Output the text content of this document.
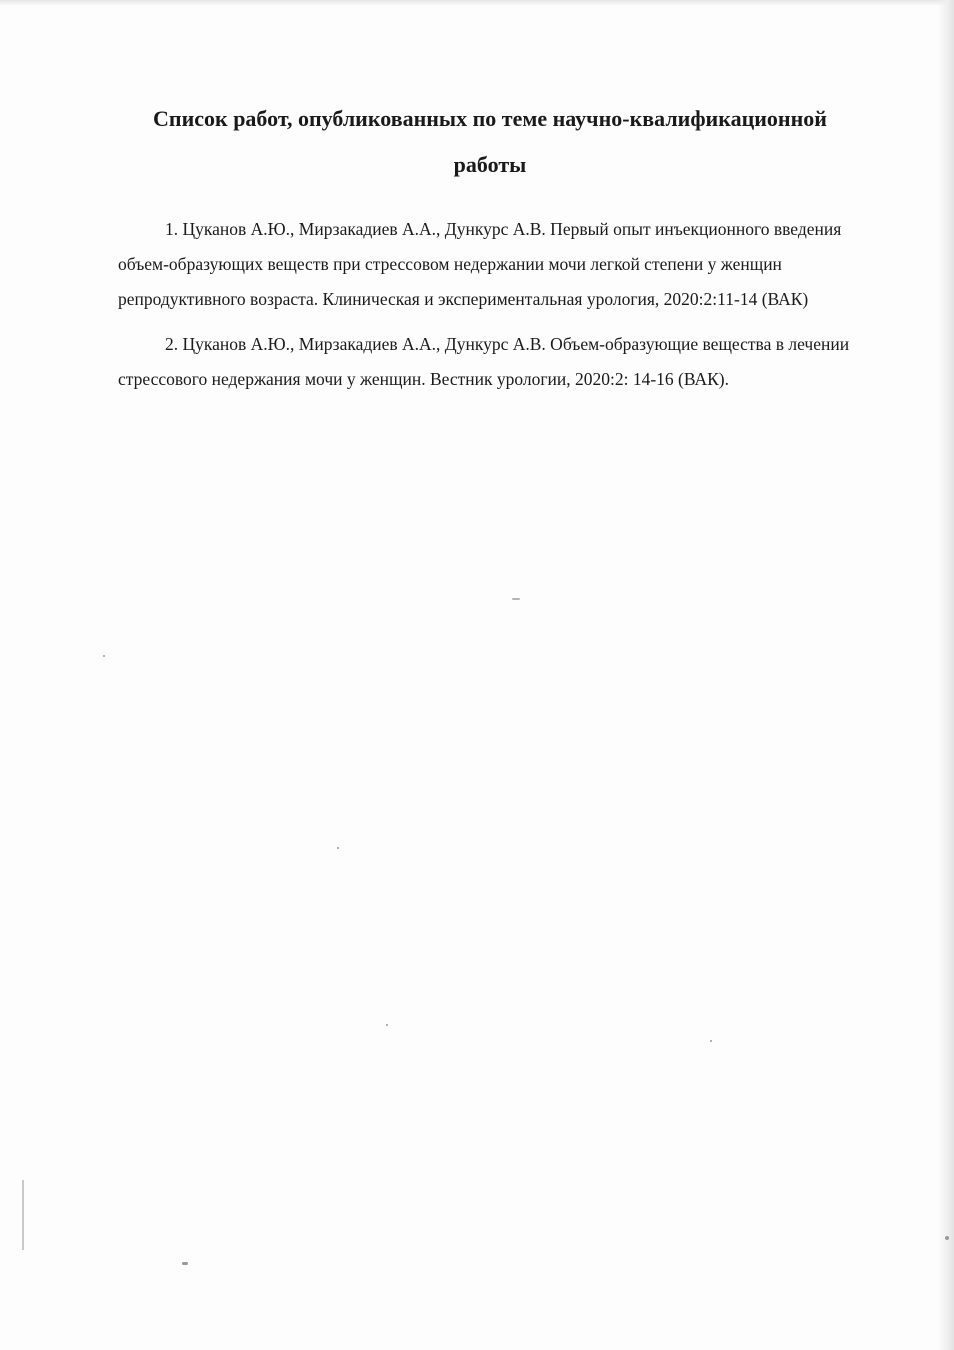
Список работ, опубликованных по теме научно-квалификационной
работы
1. Цуканов А.Ю., Мирзакадиев А.А., Дункурс А.В. Первый опыт инъекционного введения объем-образующих веществ при стрессовом недержании мочи легкой степени у женщин репродуктивного возраста. Клиническая и экспериментальная урология, 2020:2:11-14 (ВАК)
2. Цуканов А.Ю., Мирзакадиев А.А., Дункурс А.В. Объем-образующие вещества в лечении стрессового недержания мочи у женщин. Вестник урологии, 2020:2: 14-16 (ВАК).
